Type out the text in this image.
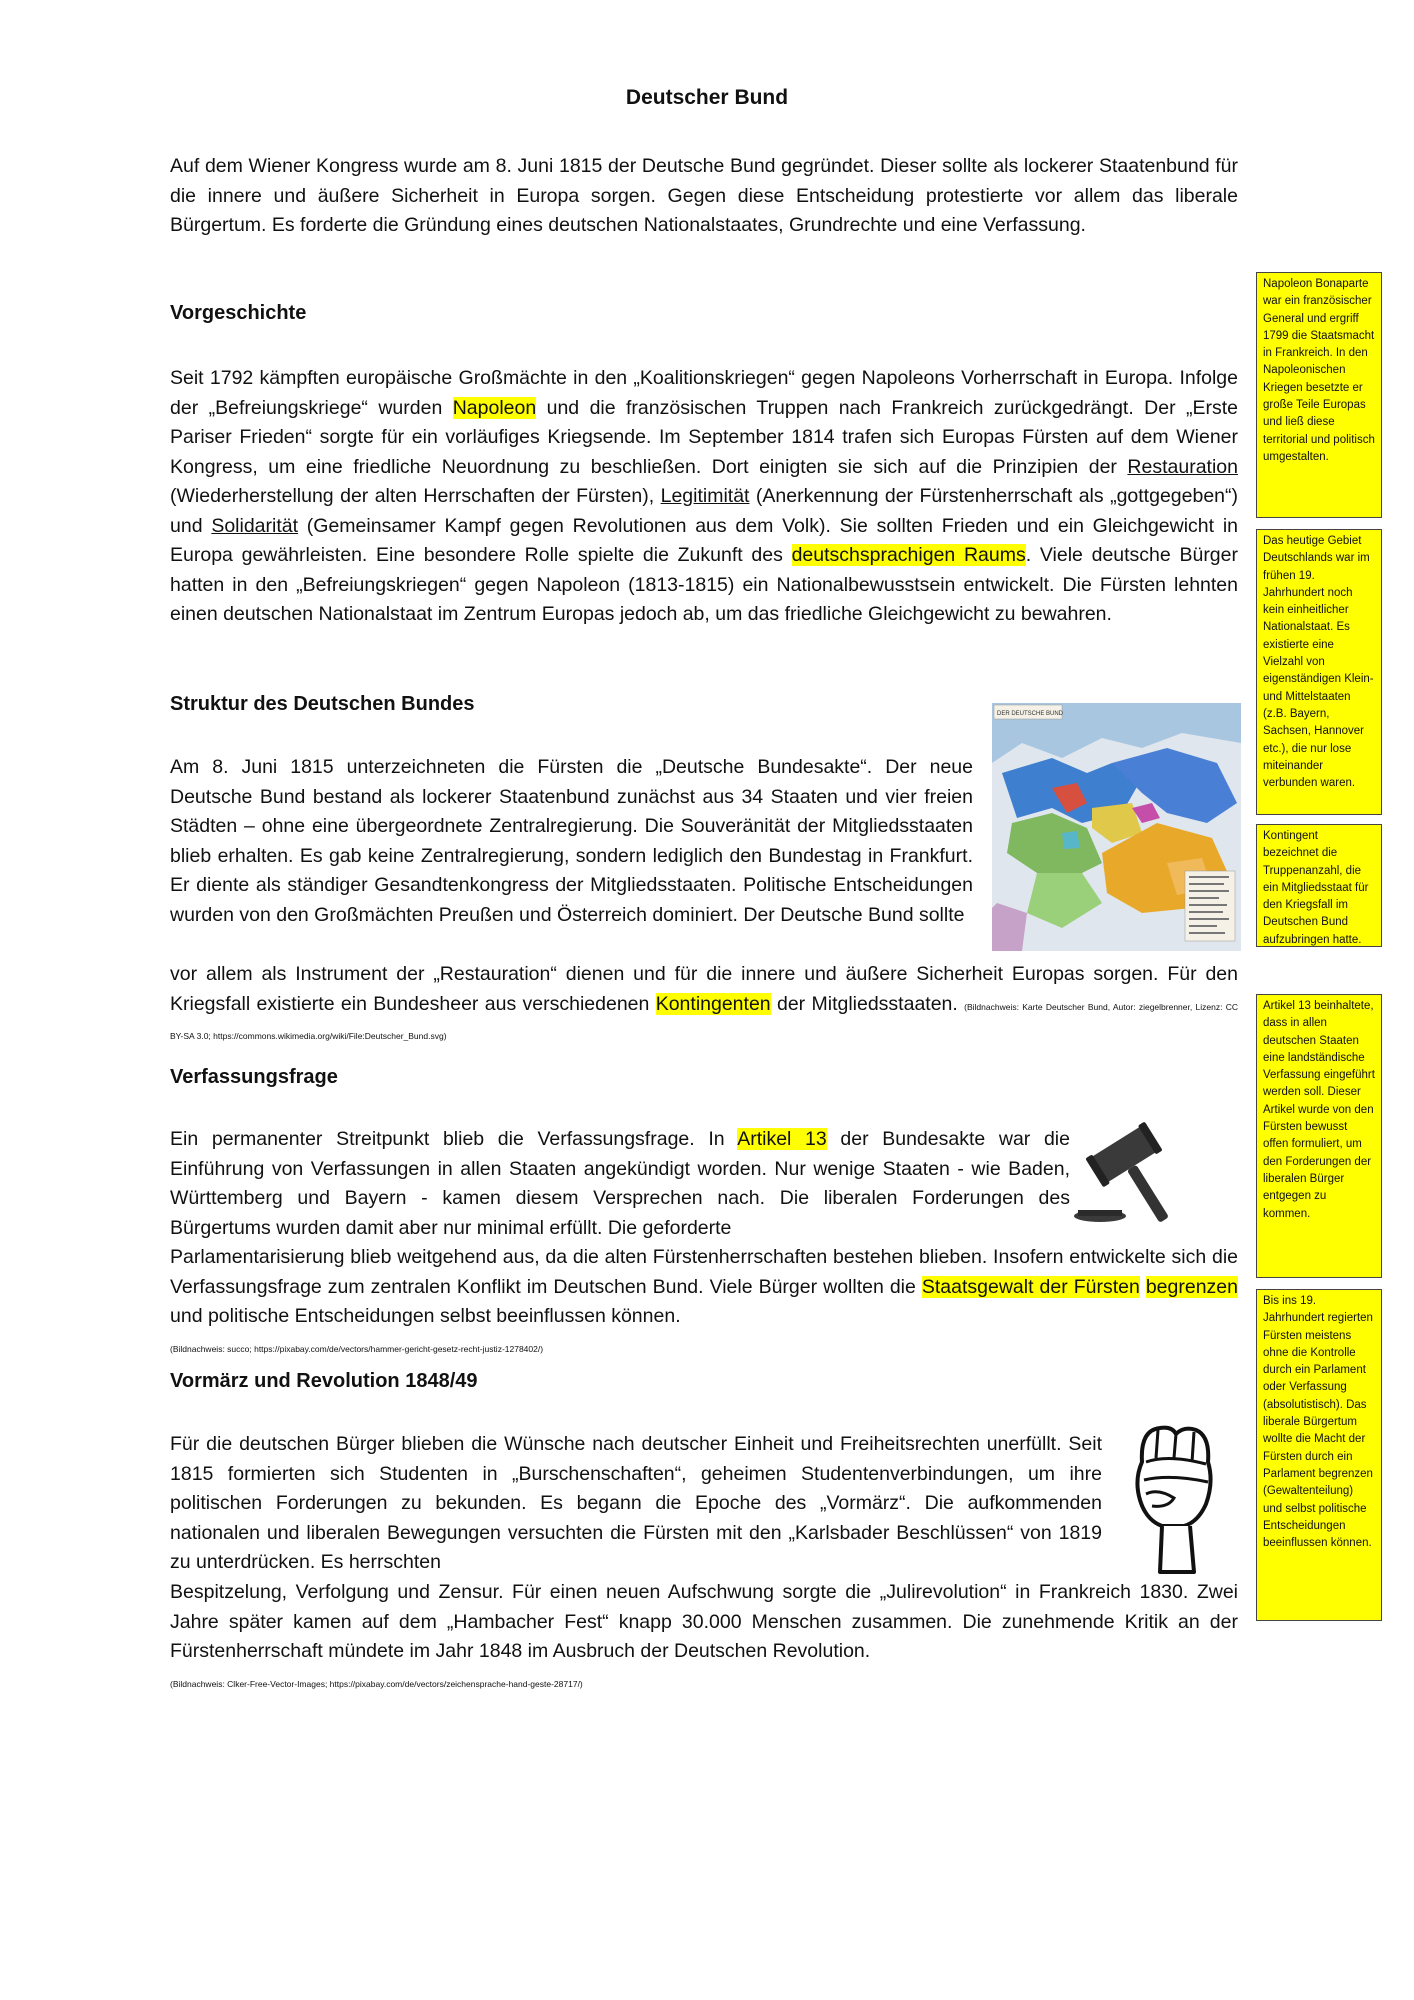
Deutscher Bund
Auf dem Wiener Kongress wurde am 8. Juni 1815 der Deutsche Bund gegründet. Dieser sollte als lockerer Staatenbund für die innere und äußere Sicherheit in Europa sorgen. Gegen diese Entscheidung protestierte vor allem das liberale Bürgertum. Es forderte die Gründung eines deutschen Nationalstaates, Grundrechte und eine Verfassung.
Vorgeschichte
Seit 1792 kämpften europäische Großmächte in den „Koalitionskriegen“ gegen Napoleons Vorherrschaft in Europa. Infolge der „Befreiungskriege“ wurden Napoleon und die französischen Truppen nach Frankreich zurückgedrängt. Der „Erste Pariser Frieden“ sorgte für ein vorläufiges Kriegsende. Im September 1814 trafen sich Europas Fürsten auf dem Wiener Kongress, um eine friedliche Neuordnung zu beschließen. Dort einigten sie sich auf die Prinzipien der Restauration (Wiederherstellung der alten Herrschaften der Fürsten), Legitimität (Anerkennung der Fürstenherrschaft als „gottgegeben“) und Solidarität (Gemeinsamer Kampf gegen Revolutionen aus dem Volk). Sie sollten Frieden und ein Gleichgewicht in Europa gewährleisten. Eine besondere Rolle spielte die Zukunft des deutschsprachigen Raums. Viele deutsche Bürger hatten in den „Befreiungskriegen“ gegen Napoleon (1813-1815) ein Nationalbewusstsein entwickelt. Die Fürsten lehnten einen deutschen Nationalstaat im Zentrum Europas jedoch ab, um das friedliche Gleichgewicht zu bewahren.
Struktur des Deutschen Bundes
Am 8. Juni 1815 unterzeichneten die Fürsten die „Deutsche Bundesakte“. Der neue Deutsche Bund bestand als lockerer Staatenbund zunächst aus 34 Staaten und vier freien Städten – ohne eine übergeordnete Zentralregierung. Die Souveränität der Mitgliedsstaaten blieb erhalten. Es gab keine Zentralregierung, sondern lediglich den Bundestag in Frankfurt. Er diente als ständiger Gesandtenkongress der Mitgliedsstaaten. Politische Entscheidungen wurden von den Großmächten Preußen und Österreich dominiert. Der Deutsche Bund sollte
vor allem als Instrument der „Restauration“ dienen und für die innere und äußere Sicherheit Europas sorgen. Für den Kriegsfall existierte ein Bundesheer aus verschiedenen Kontingenten der Mitgliedsstaaten. (Bildnachweis: Karte Deutscher Bund, Autor: ziegelbrenner, Lizenz: CC BY-SA 3.0; https://commons.wikimedia.org/wiki/File:Deutscher_Bund.svg)
DER DEUTSCHE BUND
Verfassungsfrage
Ein permanenter Streitpunkt blieb die Verfassungsfrage. In Artikel 13 der Bundesakte war die Einführung von Verfassungen in allen Staaten angekündigt worden. Nur wenige Staaten - wie Baden, Württemberg und Bayern - kamen diesem Versprechen nach. Die liberalen Forderungen des Bürgertums wurden damit aber nur minimal erfüllt. Die geforderte
Parlamentarisierung blieb weitgehend aus, da die alten Fürstenherrschaften bestehen blieben. Insofern entwickelte sich die Verfassungsfrage zum zentralen Konflikt im Deutschen Bund. Viele Bürger wollten die Staatsgewalt der Fürsten begrenzen und politische Entscheidungen selbst beeinflussen können.
(Bildnachweis: succo; https://pixabay.com/de/vectors/hammer-gericht-gesetz-recht-justiz-1278402/)
Vormärz und Revolution 1848/49
Für die deutschen Bürger blieben die Wünsche nach deutscher Einheit und Freiheitsrechten unerfüllt. Seit 1815 formierten sich Studenten in „Burschenschaften“, geheimen Studentenverbindungen, um ihre politischen Forderungen zu bekunden. Es begann die Epoche des „Vormärz“. Die aufkommenden nationalen und liberalen Bewegungen versuchten die Fürsten mit den „Karlsbader Beschlüssen“ von 1819 zu unterdrücken. Es herrschten
Bespitzelung, Verfolgung und Zensur. Für einen neuen Aufschwung sorgte die „Julirevolution“ in Frankreich 1830. Zwei Jahre später kamen auf dem „Hambacher Fest“ knapp 30.000 Menschen zusammen. Die zunehmende Kritik an der Fürstenherrschaft mündete im Jahr 1848 im Ausbruch der Deutschen Revolution.
(Bildnachweis: Clker-Free-Vector-Images; https://pixabay.com/de/vectors/zeichensprache-hand-geste-28717/)
Napoleon Bonaparte war ein französischer General und ergriff 1799 die Staatsmacht in Frankreich. In den Napoleonischen Kriegen besetzte er große Teile Europas und ließ diese territorial und politisch umgestalten.
Das heutige Gebiet Deutschlands war im frühen 19. Jahrhundert noch kein einheitlicher Nationalstaat. Es existierte eine Vielzahl von eigenständigen Klein- und Mittelstaaten (z.B. Bayern, Sachsen, Hannover etc.), die nur lose miteinander verbunden waren.
Kontingent bezeichnet die Truppenanzahl, die ein Mitgliedsstaat für den Kriegsfall im Deutschen Bund aufzubringen hatte.
Artikel 13 beinhaltete, dass in allen deutschen Staaten eine landständische Verfassung eingeführt werden soll. Dieser Artikel wurde von den Fürsten bewusst offen formuliert, um den Forderungen der liberalen Bürger entgegen zu kommen.
Bis ins 19. Jahrhundert regierten Fürsten meistens ohne die Kontrolle durch ein Parlament oder Verfassung (absolutistisch). Das liberale Bürgertum wollte die Macht der Fürsten durch ein Parlament begrenzen (Gewaltenteilung) und selbst politische Entscheidungen beeinflussen können.
